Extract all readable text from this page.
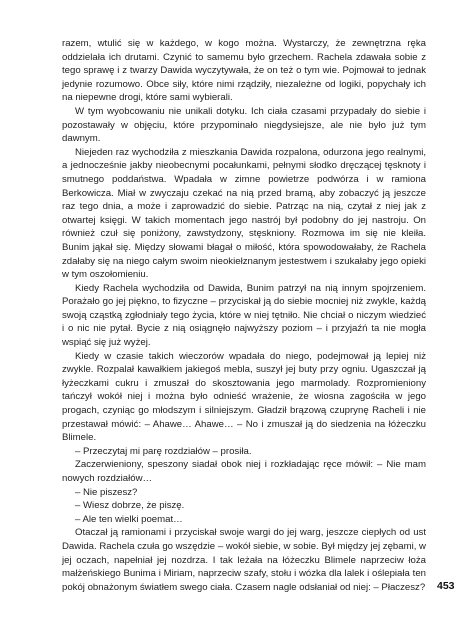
razem, wtulić się w każdego, w kogo można. Wystarczy, że zewnętrzna ręka oddzielała ich drutami. Czynić to samemu było grzechem. Rachela zdawała sobie z tego sprawę i z twarzy Dawida wyczytywała, że on też o tym wie. Pojmował to jednak jedynie rozumowo. Obce siły, które nimi rządziły, niezależne od logiki, popychały ich na niepewne drogi, które sami wybierali.

W tym wyobcowaniu nie unikali dotyku. Ich ciała czasami przypadały do siebie i pozostawały w objęciu, które przypominało niegdysiejsze, ale nie było już tym dawnym.

Niejeden raz wychodziła z mieszkania Dawida rozpalona, odurzona jego realnymi, a jednocześnie jakby nieobecnymi pocałunkami, pełnymi słodko dręczącej tęsknoty i smutnego poddaństwa. Wpadała w zimne powietrze podwórza i w ramiona Berkowicza. Miał w zwyczaju czekać na nią przed bramą, aby zobaczyć ją jeszcze raz tego dnia, a może i zaprowadzić do siebie. Patrząc na nią, czytał z niej jak z otwartej księgi. W takich momentach jego nastrój był podobny do jej nastroju. On również czuł się poniżony, zawstydzony, stęskniony. Rozmowa im się nie kleiła. Bunim jąkał się. Między słowami błagał o miłość, która spowodowałaby, że Rachela zdałaby się na niego całym swoim nieokiełznanym jestestwem i szukałaby jego opieki w tym oszołomieniu.

Kiedy Rachela wychodziła od Dawida, Bunim patrzył na nią innym spojrzeniem. Porażało go jej piękno, to fizyczne – przyciskał ją do siebie mocniej niż zwykle, każdą swoją cząstką zgłodniały tego życia, które w niej tętniło. Nie chciał o niczym wiedzieć i o nic nie pytał. Bycie z nią osiągnęło najwyższy poziom – i przyjaźń ta nie mogła wspiąć się już wyżej.

Kiedy w czasie takich wieczorów wpadała do niego, podejmował ją lepiej niż zwykle. Rozpalał kawałkiem jakiegoś mebla, suszył jej buty przy ogniu. Ugaszczał ją łyżeczkami cukru i zmuszał do skosztowania jego marmolady. Rozpromieniony tańczył wokół niej i można było odnieść wrażenie, że wiosna zagościła w jego progach, czyniąc go młodszym i silniejszym. Gładził brązową czuprynę Racheli i nie przestawał mówić: – Ahawe… Ahawe… – No i zmuszał ją do siedzenia na łóżeczku Blimele.

– Przeczytaj mi parę rozdziałów – prosiła.

Zaczerwieniony, speszony siadał obok niej i rozkładając ręce mówił: – Nie mam nowych rozdziałów…

– Nie piszesz?

– Wiesz dobrze, że piszę.

– Ale ten wielki poemat…

Otaczał ją ramionami i przyciskał swoje wargi do jej warg, jeszcze ciepłych od ust Dawida. Rachela czuła go wszędzie – wokół siebie, w sobie. Był między jej zębami, w jej oczach, napełniał jej nozdrza. I tak leżała na łóżeczku Blimele naprzeciw łoża małżeńskiego Bunima i Miriam, naprzeciw szafy, stołu i wózka dla lalek i oślepiała ten pokój obnażonym światłem swego ciała. Czasem nagle odsłaniał od niej: – Płaczesz? 453
